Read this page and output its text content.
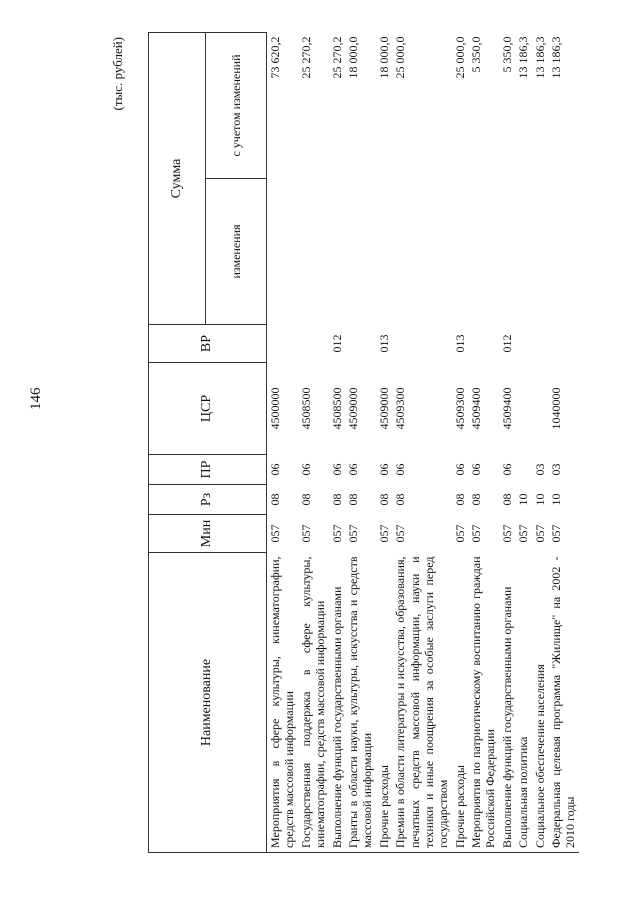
146
(тыс. рублей)
Наименование	Мин	Рз	ПР	ЦСР	ВР	Сумма	
						изменения	с учетом изменений
Мероприятия в сфере культуры, кинематографии, средств массовой информации	057	08	06	4500000			73 620,2
Государственная поддержка в сфере культуры, кинематографии, средств массовой информации	057	08	06	4508500			25 270,2
Выполнение функций государственными органами	057	08	06	4508500	012		25 270,2
Гранты в области науки, культуры, искусства и средств массовой информации	057	08	06	4509000			18 000,0
Прочие расходы	057	08	06	4509000	013		18 000,0
Премии в области литературы и искусства, образования, печатных средств массовой информации, науки и техники и иные поощрения за особые заслуги перед государством	057	08	06	4509300			25 000,0
Прочие расходы	057	08	06	4509300	013		25 000,0
Мероприятия по патриотическому воспитанию граждан Российской Федерации	057	08	06	4509400			5 350,0
Выполнение функций государственными органами	057	08	06	4509400	012		5 350,0
Социальная политика	057	10					13 186,3
Социальное обеспечение населения	057	10	03				13 186,3
Федеральная целевая программа "Жилище" на 2002 - 2010 годы	057	10	03	1040000			13 186,3
